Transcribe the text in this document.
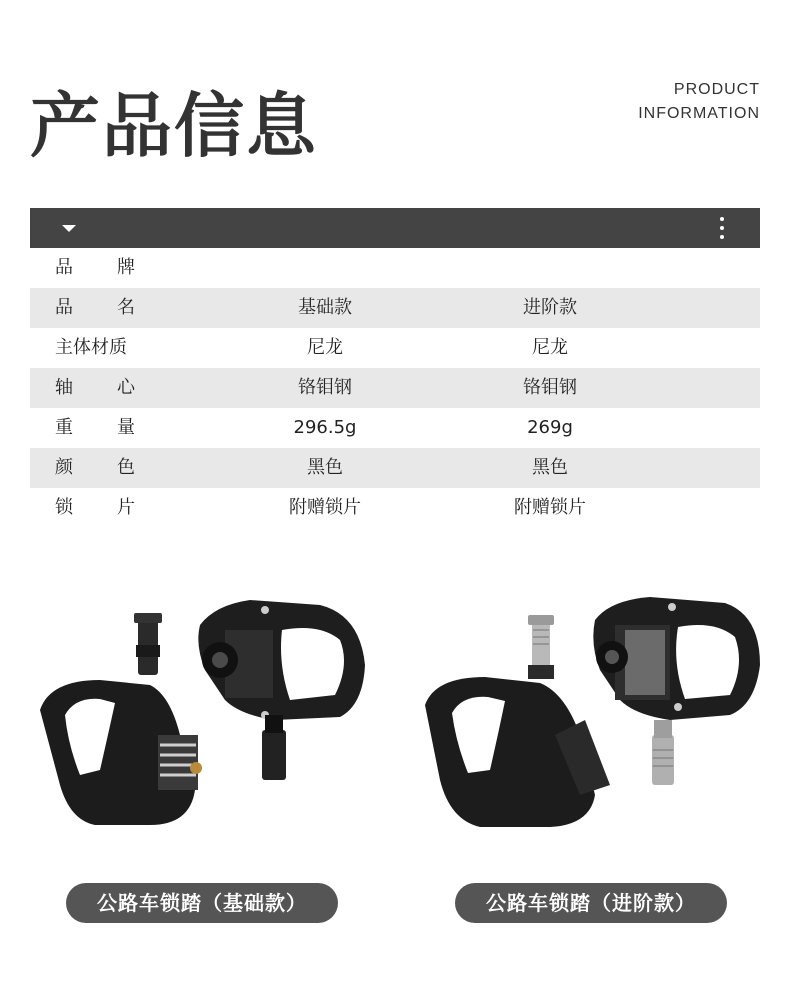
产品信息	PRODUCT
INFORMATION
品 牌
品 名	基础款	进阶款
主体材质	尼龙	尼龙
轴 心	铬钼钢	铬钼钢
重 量	296.5g	269g
颜 色	黑色	黑色
锁 片	附赠锁片	附赠锁片
公路车锁踏（基础款）	公路车锁踏（进阶款）
